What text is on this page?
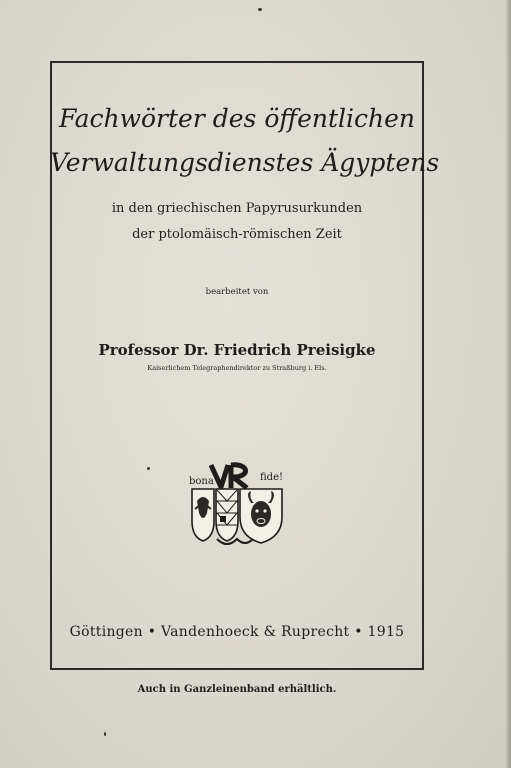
Fachwörter des öffentlichen

Verwaltungsdienstes Ägyptens

in den griechischen Papyrusurkunden

der ptolomäisch-römischen Zeit

bearbeitet von

Professor Dr. Friedrich Preisigke

Kaiserlichem Telegraphendirektor zu Straßburg i. Els.

bona	fide!

Göttingen • Vandenhoeck & Ruprecht • 1915

Auch in Ganzleinenband erhältlich.
